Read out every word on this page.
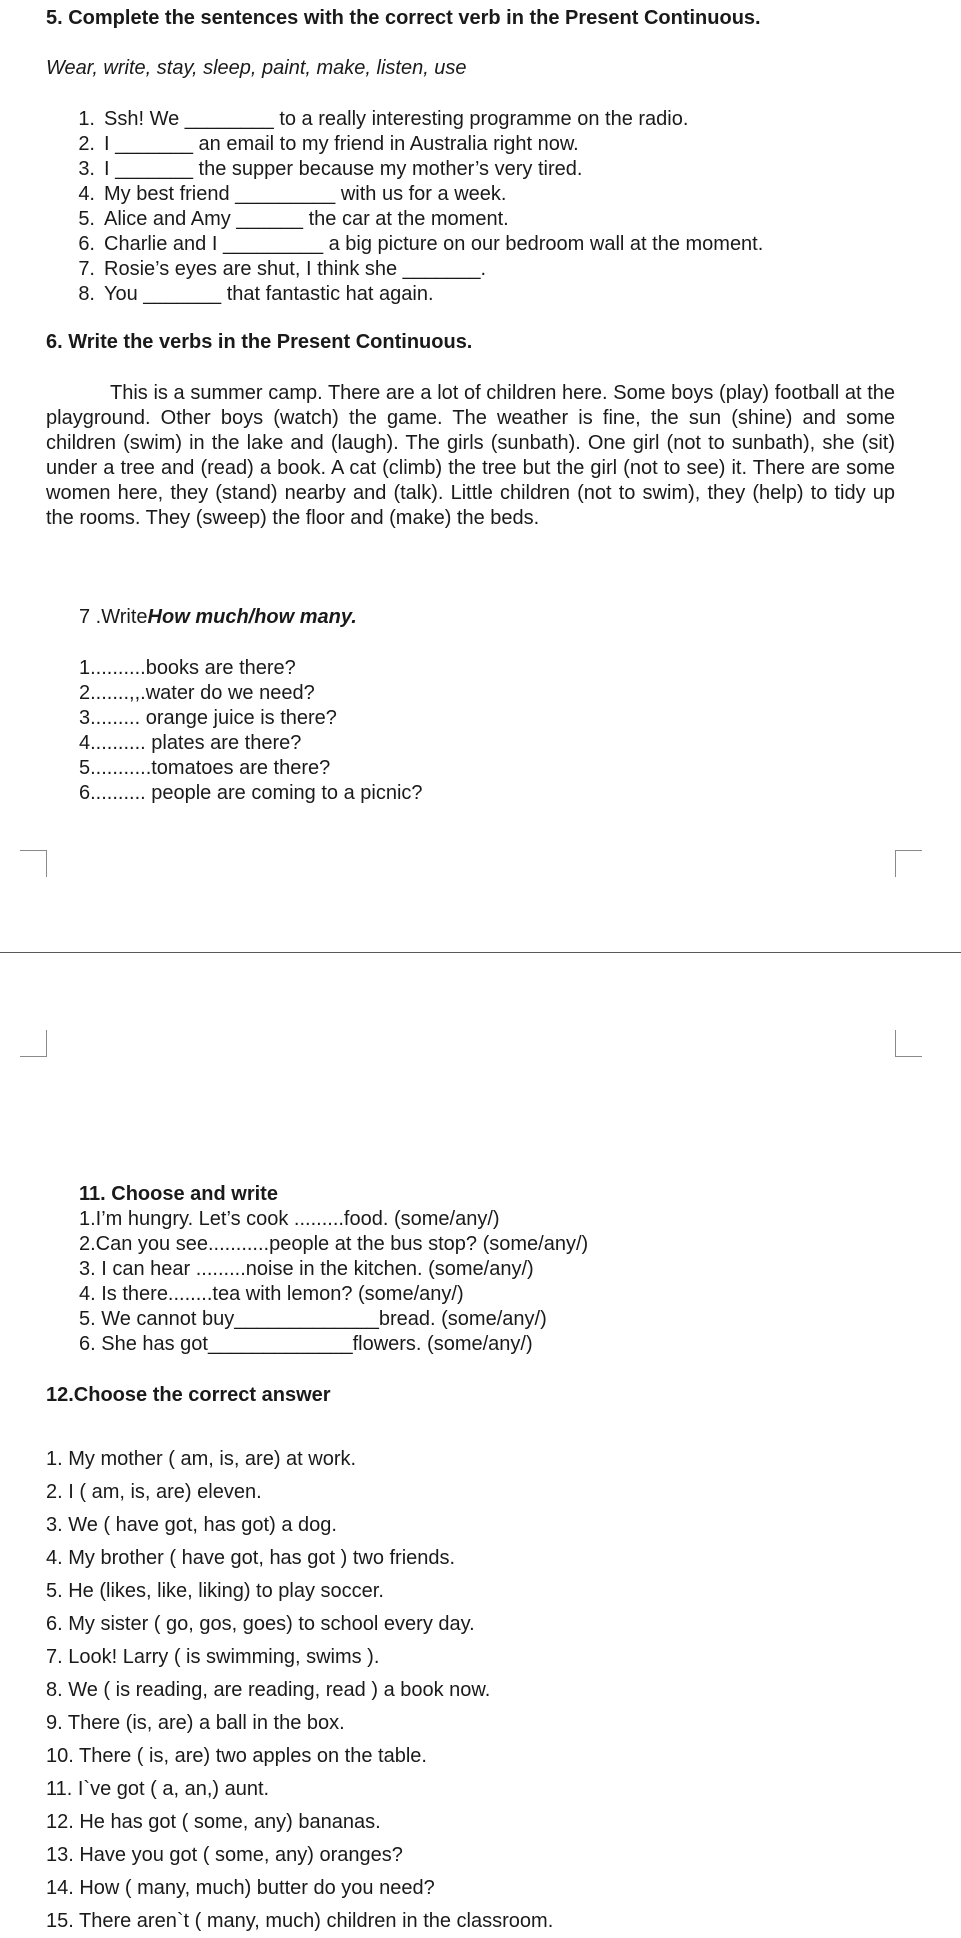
5. Complete the sentences with the correct verb in the Present Continuous.
Wear, write, stay, sleep, paint, make, listen, use
1. Ssh! We ________ to a really interesting programme on the radio.
2. I _______ an email to my friend in Australia right now.
3. I _______ the supper because my mother’s very tired.
4. My best friend _________ with us for a week.
5. Alice and Amy ______ the car at the moment.
6. Charlie and I _________ a big picture on our bedroom wall at the moment.
7. Rosie’s eyes are shut, I think she _______.
8. You _______ that fantastic hat again.
6. Write the verbs in the Present Continuous.
This is a summer camp. There are a lot of children here. Some boys (play) football at the playground. Other boys (watch) the game. The weather is fine, the sun (shine) and some children (swim) in the lake and (laugh). The girls (sunbath). One girl (not to sunbath), she (sit) under a tree and (read) a book. A cat (climb) the tree but the girl (not to see) it. There are some women here, they (stand) nearby and (talk). Little children (not to swim), they (help) to tidy up the rooms. They (sweep) the floor and (make) the beds.
7 .WriteHow much/how many.
1..........books are there?
2.......,,.water do we need?
3......... orange juice is there?
4.......... plates are there?
5...........tomatoes are there?
6.......... people are coming to a picnic?
11. Choose and write
1.I’m hungry. Let’s cook .........food. (some/any/)
2.Can you see...........people at the bus stop? (some/any/)
3. I can hear .........noise in the kitchen. (some/any/)
4. Is there........tea with lemon? (some/any/)
5. We cannot buy_____________bread. (some/any/)
6. She has got_____________flowers. (some/any/)
12.Choose the correct answer
1. My mother ( am, is, are) at work.
2. I ( am, is, are) eleven.
3. We ( have got, has got) a dog.
4. My brother ( have got, has got ) two friends.
5. He (likes, like, liking) to play soccer.
6. My sister ( go, gos, goes) to school every day.
7. Look! Larry ( is swimming, swims ).
8. We ( is reading, are reading, read ) a book now.
9. There (is, are) a ball in the box.
10. There ( is, are) two apples on the table.
11. I`ve got ( a, an,) aunt.
12. He has got ( some, any) bananas.
13. Have you got ( some, any) oranges?
14. How ( many, much) butter do you need?
15. There aren`t ( many, much) children in the classroom.
